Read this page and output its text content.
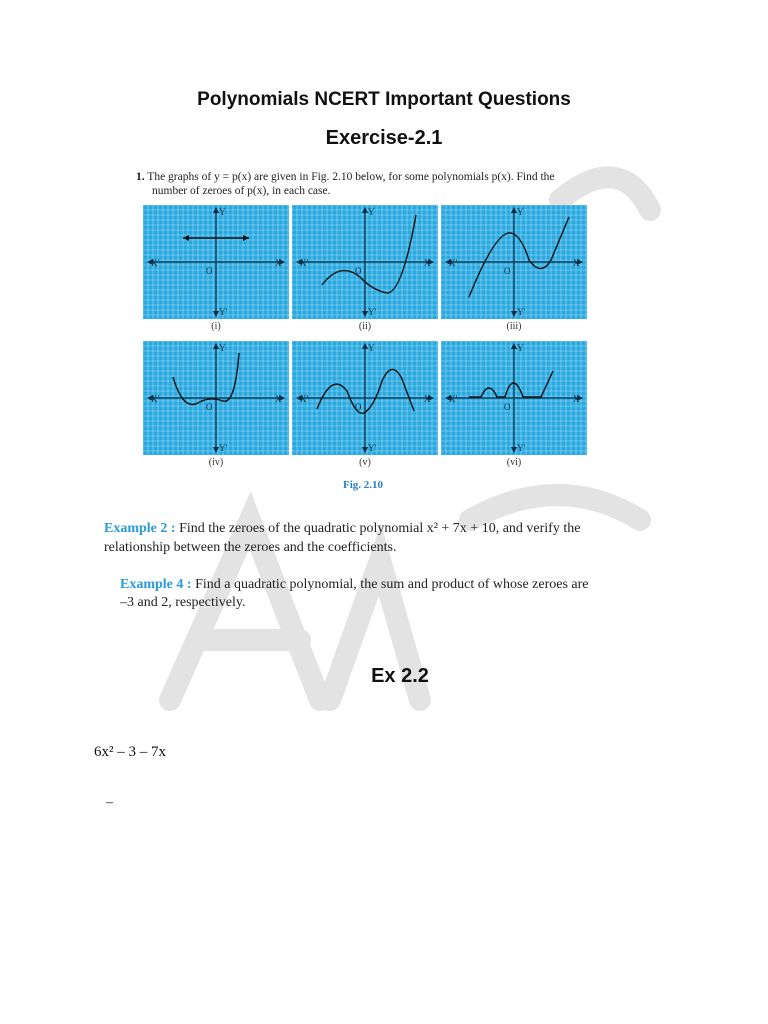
Polynomials NCERT Important Questions
Exercise-2.1
1. The graphs of y = p(x) are given in Fig. 2.10 below, for some polynomials p(x). Find the
number of zeroes of p(x), in each case.
X
X'
Y
Y'
O
X
X'
Y
Y'
O
X
X'
Y
Y'
O
X
X'
Y
Y'
O
X
X'
Y
Y'
O
X
X'
Y
Y'
O
(i)	(ii)	(iii)
(iv)	(v)	(vi)
Fig. 2.10
Example 2 : Find the zeroes of the quadratic polynomial x² + 7x + 10, and verify the
relationship between the zeroes and the coefficients.
Example 4 : Find a quadratic polynomial, the sum and product of whose zeroes are
–3 and 2, respectively.
Ex 2.2
6x² – 3 – 7x
–
